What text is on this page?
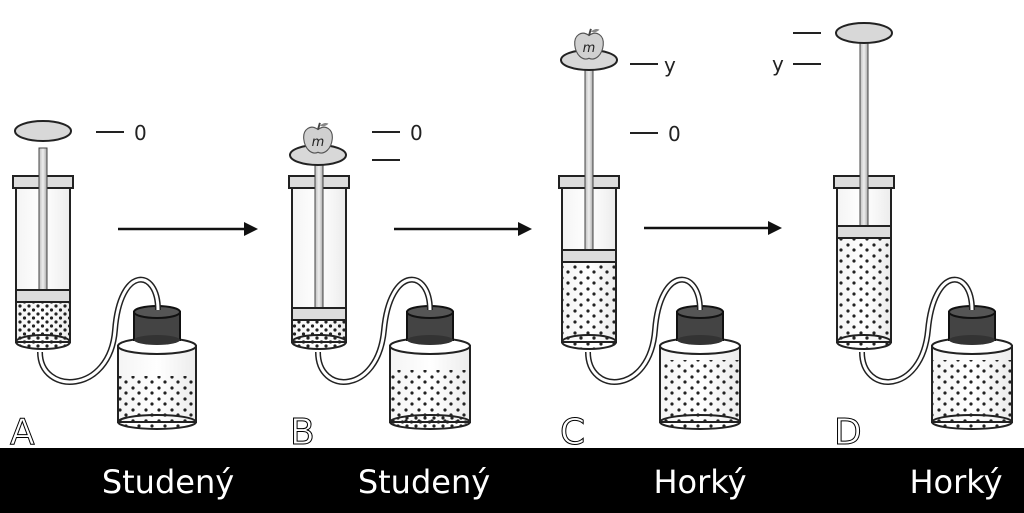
0	m	0
m
y
0
y
A	B	C	D
Studený	Studený	Horký	Horký
